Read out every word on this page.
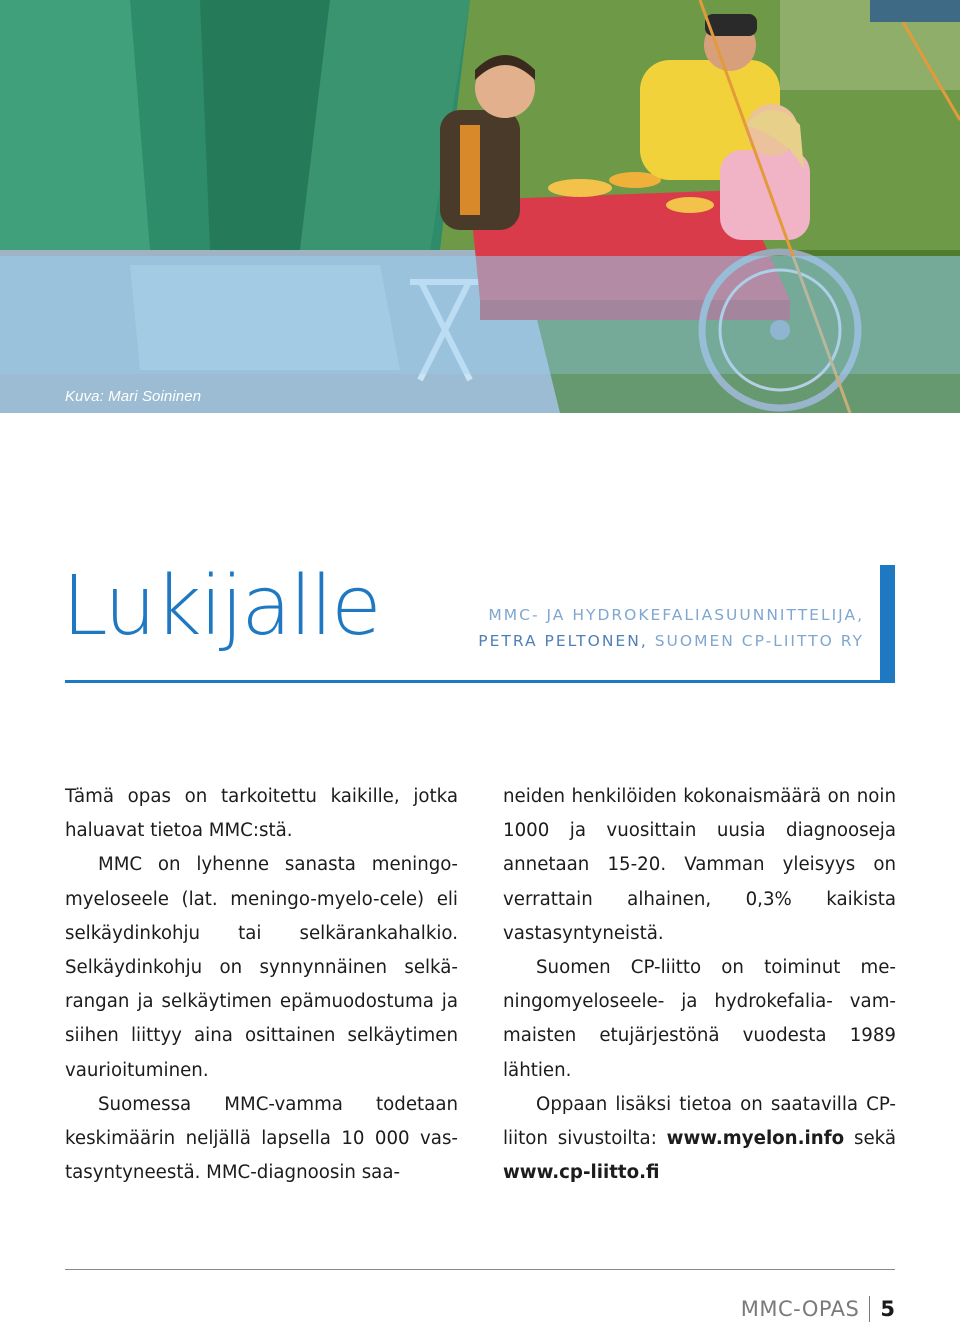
Kuva: Mari Soininen
Lukijalle	MMC- JA HYDROKEFALIASUUNNITTELIJA,
PETRA PELTONEN, SUOMEN CP-LIITTO RY

Tämä opas on tarkoitettu kaikille, jotka haluavat tietoa MMC:stä.

MMC on lyhenne sanasta meningomyeloseele (lat. meningo-myelo-cele) eli selkäydinkohju tai selkärankahalkio. Selkäydinkohju on synnynnäinen selkärangan ja selkäytimen epämuodostuma ja siihen liittyy aina osittainen selkäytimen vaurioituminen.

Suomessa MMC-vamma todetaan keskimäärin neljällä lapsella 10 000 vastasyntyneestä. MMC-diagnoosin saa-

neiden henkilöiden kokonaismäärä on noin 1000 ja vuosittain uusia diagnooseja annetaan 15-20. Vamman yleisyys on verrattain alhainen, 0,3% kaikista vastasyntyneistä.

Suomen CP-liitto on toiminut meningomyeloseele- ja hydrokefalia- vammaisten etujärjestönä vuodesta 1989 lähtien.

Oppaan lisäksi tietoa on saatavilla CP-liiton sivustoilta: www.myelon.info sekä www.cp-liitto.fi

MMC-OPAS 5
